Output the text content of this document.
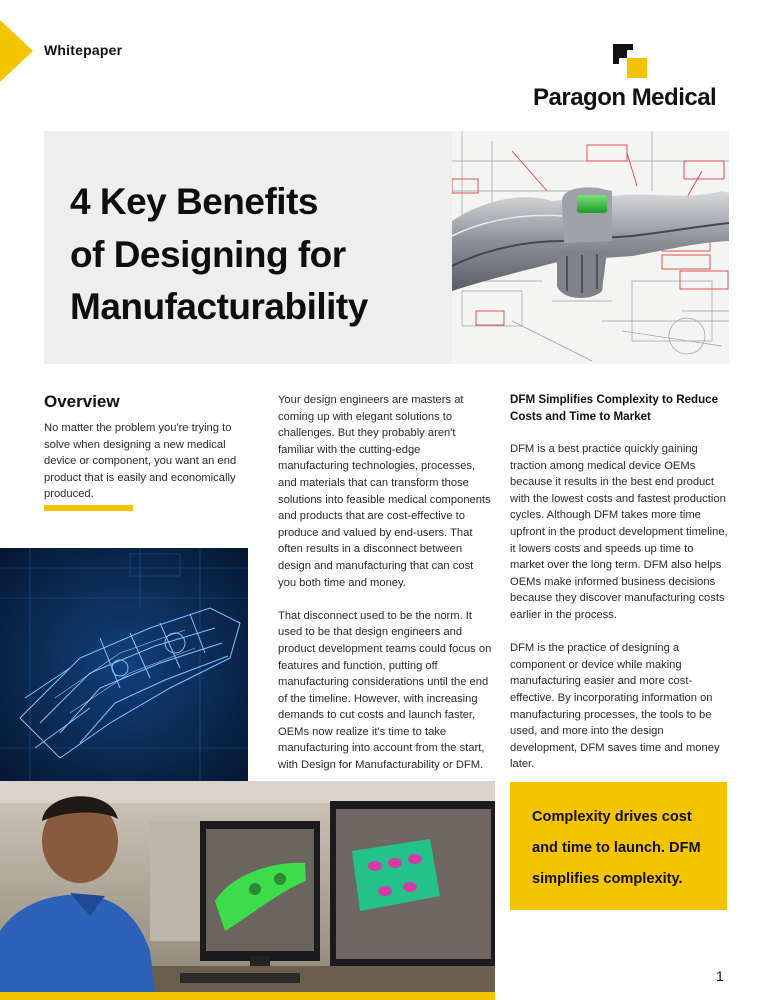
Whitepaper
Paragon Medical
4 Key Benefits
of Designing for
Manufacturability
Overview

No matter the problem you're trying to solve when designing a new medical device or component, you want an end product that is easily and economically produced.

Your design engineers are masters at coming up with elegant solutions to challenges. But they probably aren't familiar with the cutting-edge manufacturing technologies, processes, and materials that can transform those solutions into feasible medical components and products that are cost-effective to produce and valued by end-users. That often results in a disconnect between design and manufacturing that can cost you both time and money.

That disconnect used to be the norm. It used to be that design engineers and product development teams could focus on features and function, putting off manufacturing considerations until the end of the timeline. However, with increasing demands to cut costs and launch faster, OEMs now realize it's time to take manufacturing into account from the start, with Design for Manufacturability or DFM.

DFM Simplifies Complexity to Reduce Costs and Time to Market

DFM is a best practice quickly gaining traction among medical device OEMs because it results in the best end product with the lowest costs and fastest production cycles. Although DFM takes more time upfront in the product development timeline, it lowers costs and speeds up time to market over the long term. DFM also helps OEMs make informed business decisions because they discover manufacturing costs earlier in the process.

DFM is the practice of designing a component or device while making manufacturing easier and more cost-effective. By incorporating information on manufacturing processes, the tools to be used, and more into the design development, DFM saves time and money later.

Complexity drives cost and time to launch. DFM simplifies complexity.

1
